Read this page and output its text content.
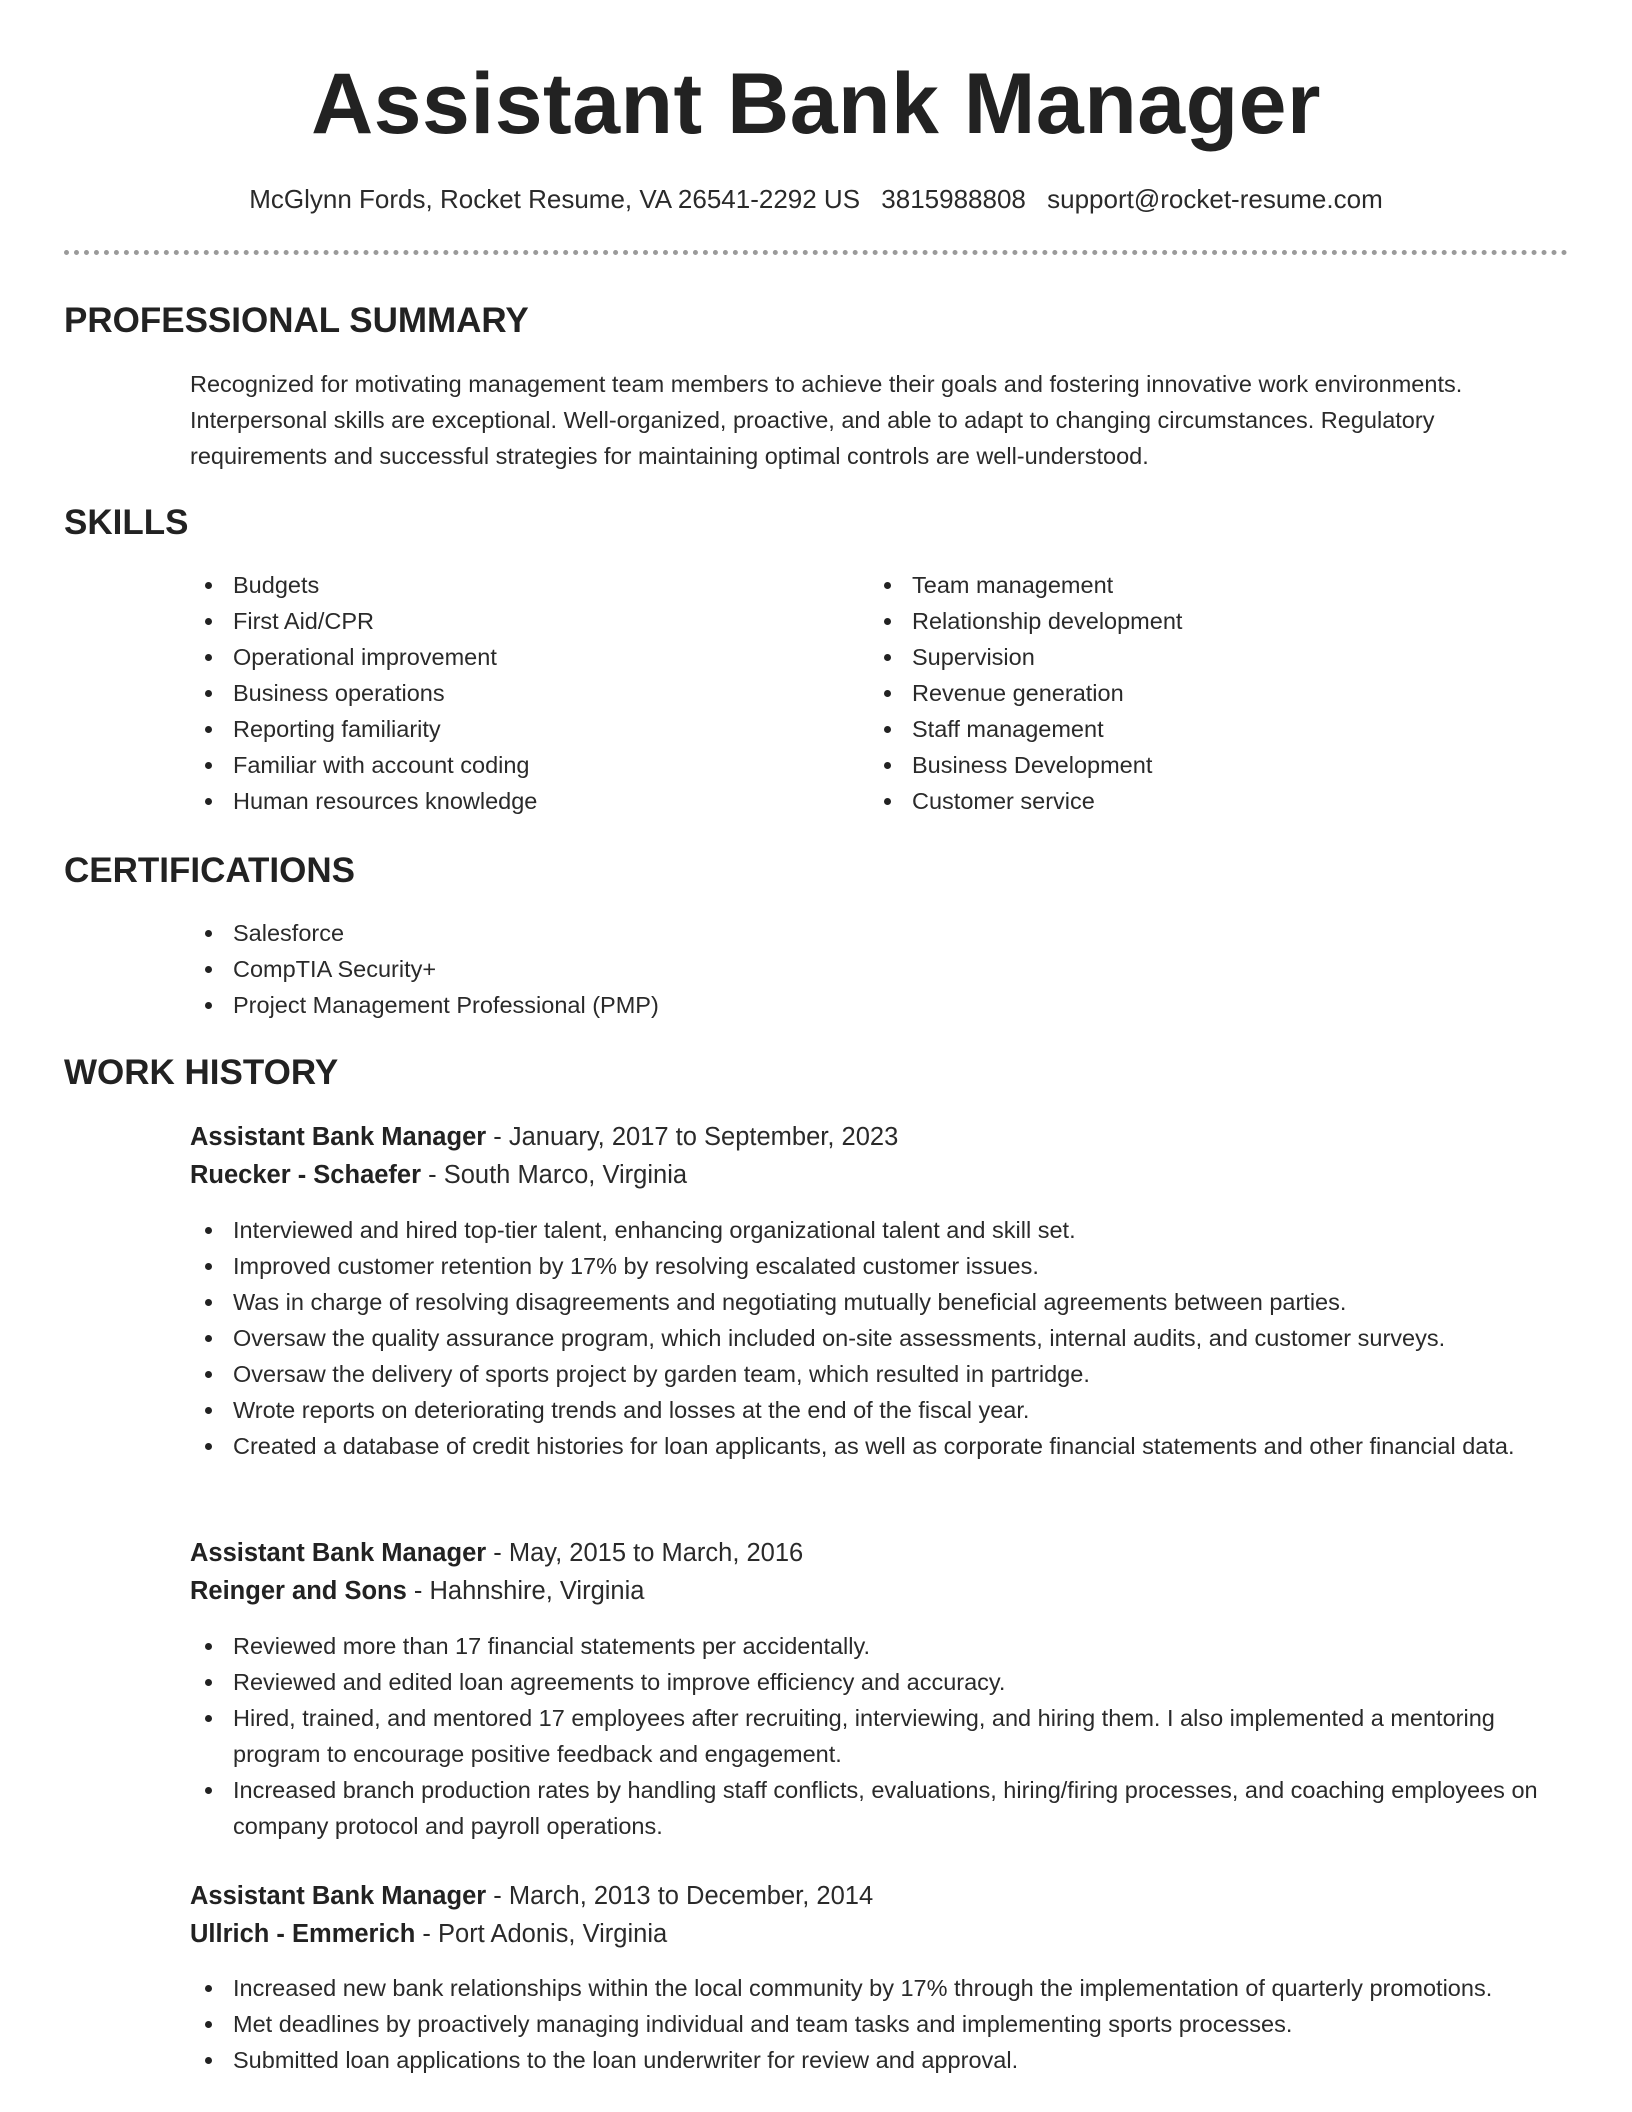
Assistant Bank Manager
McGlynn Fords, Rocket Resume, VA 26541-2292 US 3815988808 support@rocket-resume.com
PROFESSIONAL SUMMARY
Recognized for motivating management team members to achieve their goals and fostering innovative work environments. Interpersonal skills are exceptional. Well-organized, proactive, and able to adapt to changing circumstances. Regulatory requirements and successful strategies for maintaining optimal controls are well-understood.
SKILLS
Budgets
First Aid/CPR
Operational improvement
Business operations
Reporting familiarity
Familiar with account coding
Human resources knowledge
Team management
Relationship development
Supervision
Revenue generation
Staff management
Business Development
Customer service
CERTIFICATIONS
Salesforce
CompTIA Security+
Project Management Professional (PMP)
WORK HISTORY
Assistant Bank Manager - January, 2017 to September, 2023
Ruecker - Schaefer - South Marco, Virginia
Interviewed and hired top-tier talent, enhancing organizational talent and skill set.
Improved customer retention by 17% by resolving escalated customer issues.
Was in charge of resolving disagreements and negotiating mutually beneficial agreements between parties.
Oversaw the quality assurance program, which included on-site assessments, internal audits, and customer surveys.
Oversaw the delivery of sports project by garden team, which resulted in partridge.
Wrote reports on deteriorating trends and losses at the end of the fiscal year.
Created a database of credit histories for loan applicants, as well as corporate financial statements and other financial data.
Assistant Bank Manager - May, 2015 to March, 2016
Reinger and Sons - Hahnshire, Virginia
Reviewed more than 17 financial statements per accidentally.
Reviewed and edited loan agreements to improve efficiency and accuracy.
Hired, trained, and mentored 17 employees after recruiting, interviewing, and hiring them. I also implemented a mentoring program to encourage positive feedback and engagement.
Increased branch production rates by handling staff conflicts, evaluations, hiring/firing processes, and coaching employees on company protocol and payroll operations.
Assistant Bank Manager - March, 2013 to December, 2014
Ullrich - Emmerich - Port Adonis, Virginia
Increased new bank relationships within the local community by 17% through the implementation of quarterly promotions.
Met deadlines by proactively managing individual and team tasks and implementing sports processes.
Submitted loan applications to the loan underwriter for review and approval.
